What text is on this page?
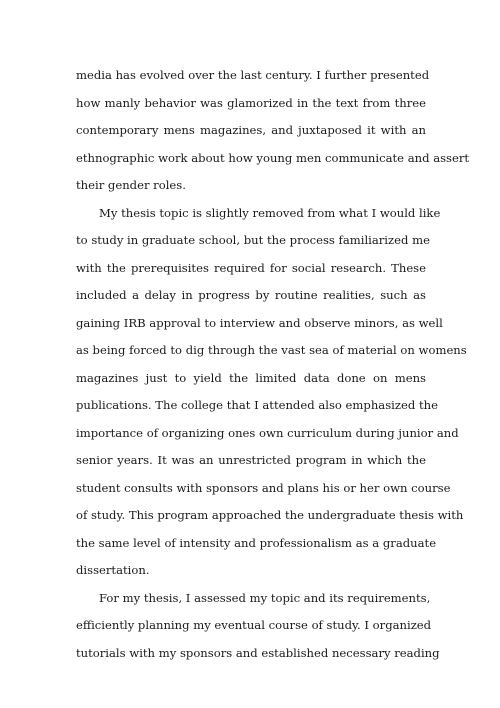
media has evolved over the last century. I further presented
how manly behavior was glamorized in the text from three
contemporary mens magazines, and juxtaposed it with an
ethnographic work about how young men communicate and assert
their gender roles.
My thesis topic is slightly removed from what I would like
to study in graduate school, but the process familiarized me
with the prerequisites required for social research. These
included a delay in progress by routine realities, such as
gaining IRB approval to interview and observe minors, as well
as being forced to dig through the vast sea of material on womens
magazines just to yield the limited data done on mens
publications. The college that I attended also emphasized the
importance of organizing ones own curriculum during junior and
senior years. It was an unrestricted program in which the
student consults with sponsors and plans his or her own course
of study. This program approached the undergraduate thesis with
the same level of intensity and professionalism as a graduate
dissertation.
For my thesis, I assessed my topic and its requirements,
efficiently planning my eventual course of study. I organized
tutorials with my sponsors and established necessary reading
